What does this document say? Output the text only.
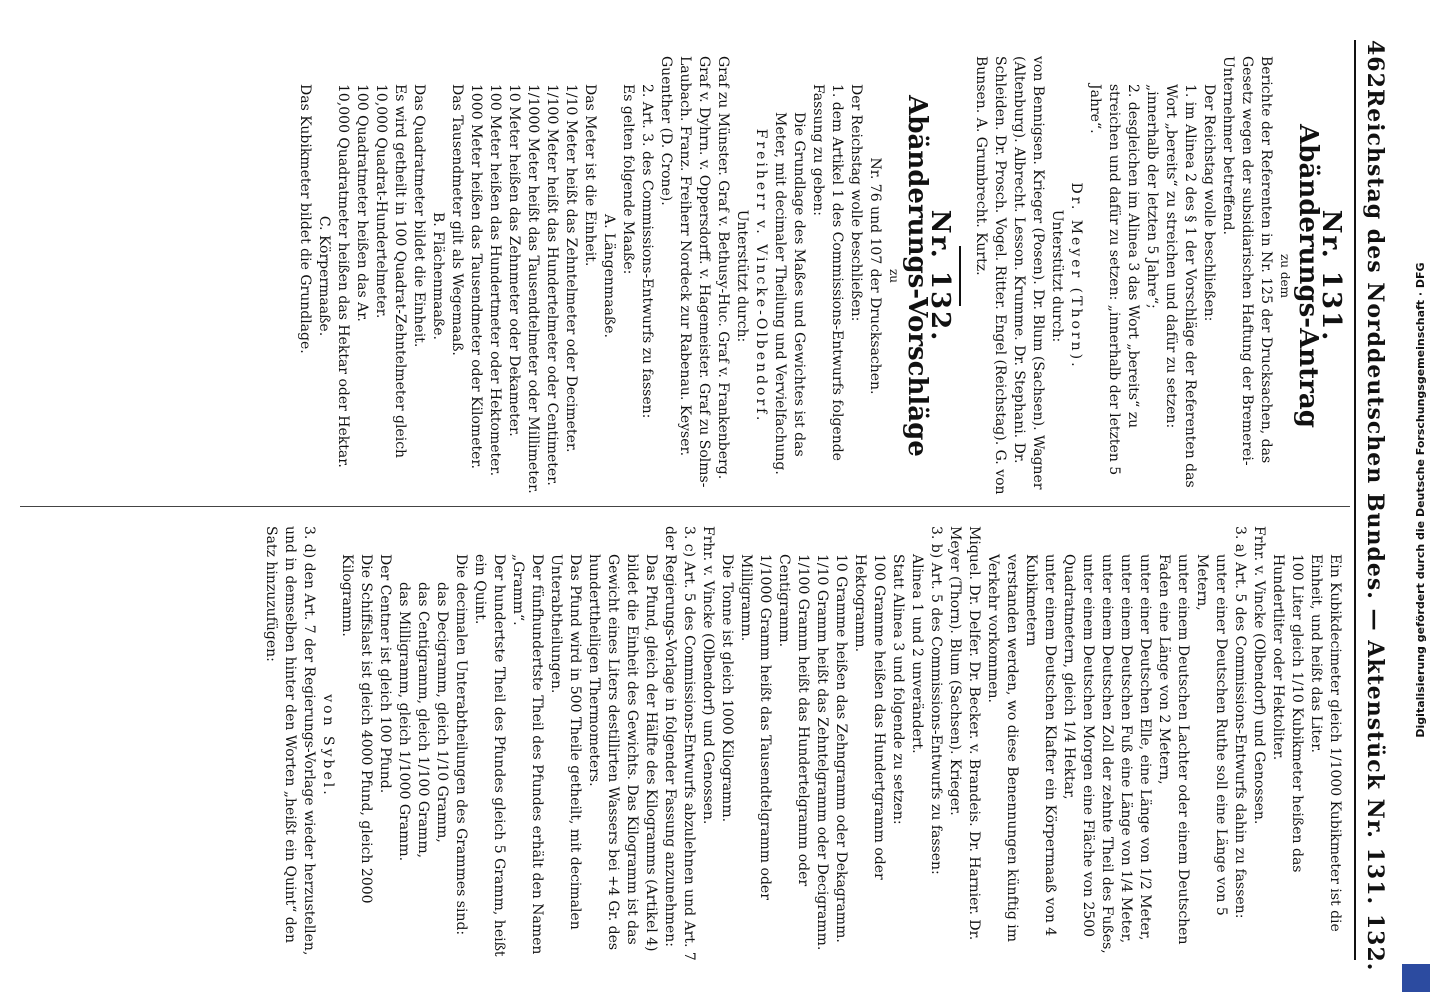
462
Reichstag des Norddeutschen Bundes. — Aktenstück Nr. 131. 132.
Nr. 131.
Abänderungs-Antrag
zu dem

Berichte der Referenten in Nr. 125 der Drucksachen, das Gesetz wegen der subsidiarischen Haftung der Bremerei-Unternehmer betreffend.

Der Reichstag wolle beschließen:

1. im Alinea 2 des § 1 der Vorschläge der Referenten das Wort „bereits“ zu streichen und dafür zu setzen: „innerhalb der letzten 5 Jahre“;

2. desgleichen im Alinea 3 das Wort „bereits“ zu streichen und dafür zu setzen: „innerhalb der letzten 5 Jahre“.

Dr. Meyer (Thorn).

Unterstützt durch:

von Bennigsen. Krieger (Posen). Dr. Blum (Sachsen). Wagner (Altenburg). Albrecht. Lesson. Krumme. Dr. Stephani. Dr. Schleiden. Dr. Prosch. Vogel. Ritter. Engel (Reichstag). G. von Bunsen. A. Grumbrecht. Kurtz.

Nr. 132.
Abänderungs-Vorschläge
zu
Nr. 76 und 107 der Drucksachen.

Der Reichstag wolle beschließen:

1. dem Artikel 1 des Commissions-Entwurfs folgende Fassung zu geben:

Die Grundlage des Maßes und Gewichtes ist das Meter, mit decimaler Theilung und Vervielfachung.

Freiherr v. Vincke-Olbendorf.

Unterstützt durch:

Graf zu Münster. Graf v. Bethusy-Huc. Graf v. Frankenberg. Graf v. Dyhrn. v. Oppersdorff. v. Hagemeister. Graf zu Solms-Laubach. Franz. Freiherr Nordeck zur Rabenau. Keyser. Guenther (D. Crone).

2. Art. 3. des Commissions-Entwurfs zu fassen:

Es gelten folgende Maaße:

A. Längenmaaße.

Das Meter ist die Einheit.

1/10 Meter heißt das Zehntelmeter oder Decimeter.

1/100 Meter heißt das Hundertelmeter oder Centimeter.

1/1000 Meter heißt das Tausendtelmeter oder Millimeter.

10 Meter heißen das Zehnmeter oder Dekameter.

100 Meter heißen das Hundertmeter oder Hektometer.

1000 Meter heißen das Tausendmeter oder Kilometer.

Das Tausendmeter gilt als Wegemaaß.

B. Flächenmaaße.

Das Quadratmeter bildet die Einheit.

Es wird getheilt in 100 Quadrat-Zehntelmeter gleich 10,000 Quadrat-Hundertelmeter.

100 Quadratmeter heißen das Ar.

10,000 Quadratmeter heißen das Hektar oder Hektar.

C. Körpermaaße.

Das Kubikmeter bildet die Grundlage.

Ein Kubikdecimeter gleich 1/1000 Kubikmeter ist die Einheit, und heißt das Liter.

100 Liter gleich 1/10 Kubikmeter heißen das Hundertliter oder Hektoliter.

Frhr. v. Vincke (Olbendorf) und Genossen.

3. a) Art. 5 des Commissions-Entwurfs dahin zu fassen:

unter einer Deutschen Ruthe soll eine Länge von 5 Metern,

unter einem Deutschen Lachter oder einem Deutschen Faden eine Länge von 2 Metern,

unter einer Deutschen Elle, eine Länge von 1/2 Meter,

unter einem Deutschen Fuß eine Länge von 1/4 Meter,

unter einem Deutschen Zoll der zehnte Theil des Fußes,

unter einem Deutschen Morgen eine Fläche von 2500 Quadratmetern, gleich 1/4 Hektar,

unter einem Deutschen Klafter ein Körpermaaß von 4 Kubikmetern

verstanden werden, wo diese Benennungen künftig im Verkehr vorkommen.

Miquel. Dr. Delfer. Dr. Becker. v. Brandeis. Dr. Harnier. Dr. Meyer (Thorn). Blum (Sachsen). Krieger.

3. b) Art. 5 des Commissions-Entwurfs zu fassen:

Alinea 1 und 2 unverändert.

Statt Alinea 3 und folgende zu setzen:

100 Gramme heißen das Hundertgramm oder Hektogramm.

10 Gramme heißen das Zehngramm oder Dekagramm.

1/10 Gramm heißt das Zehntelgramm oder Decigramm.

1/100 Gramm heißt das Hundertelgramm oder Centigramm.

1/1000 Gramm heißt das Tausendtelgramm oder Milligramm.

Die Tonne ist gleich 1000 Kilogramm.

Frhr. v. Vincke (Olbendorf) und Genossen.

3. c) Art. 5 des Commissions-Entwurfs abzulehnen und Art. 7 der Regierungs-Vorlage in folgender Fassung anzunehmen:

Das Pfund, gleich der Hälfte des Kilogramms (Artikel 4) bildet die Einheit des Gewichts. Das Kilogramm ist das Gewicht eines Liters destillirten Wassers bei +4 Gr. des hunderttheiligen Thermometers.

Das Pfund wird in 500 Theile getheilt, mit decimalen Unterabtheilungen.

Der fünfhundertste Theil des Pfundes erhält den Namen „Gramm“.

Der hundertste Theil des Pfundes gleich 5 Gramm, heißt ein Quint.

Die decimalen Unterabtheilungen des Grammes sind:

das Decigramm, gleich 1/10 Gramm,

das Centigramm, gleich 1/100 Gramm,

das Milligramm, gleich 1/1000 Gramm.

Der Centner ist gleich 100 Pfund.

Die Schiffslast ist gleich 4000 Pfund, gleich 2000 Kilogramm.

von Sybel.

3. d) den Art. 7 der Regierungs-Vorlage wieder herzustellen, und in demselben hinter den Worten „heißt ein Quint“ den Satz hinzuzufügen:	Digitalisierung gefördert durch die Deutsche Forschungsgemeinschaft · DFG
